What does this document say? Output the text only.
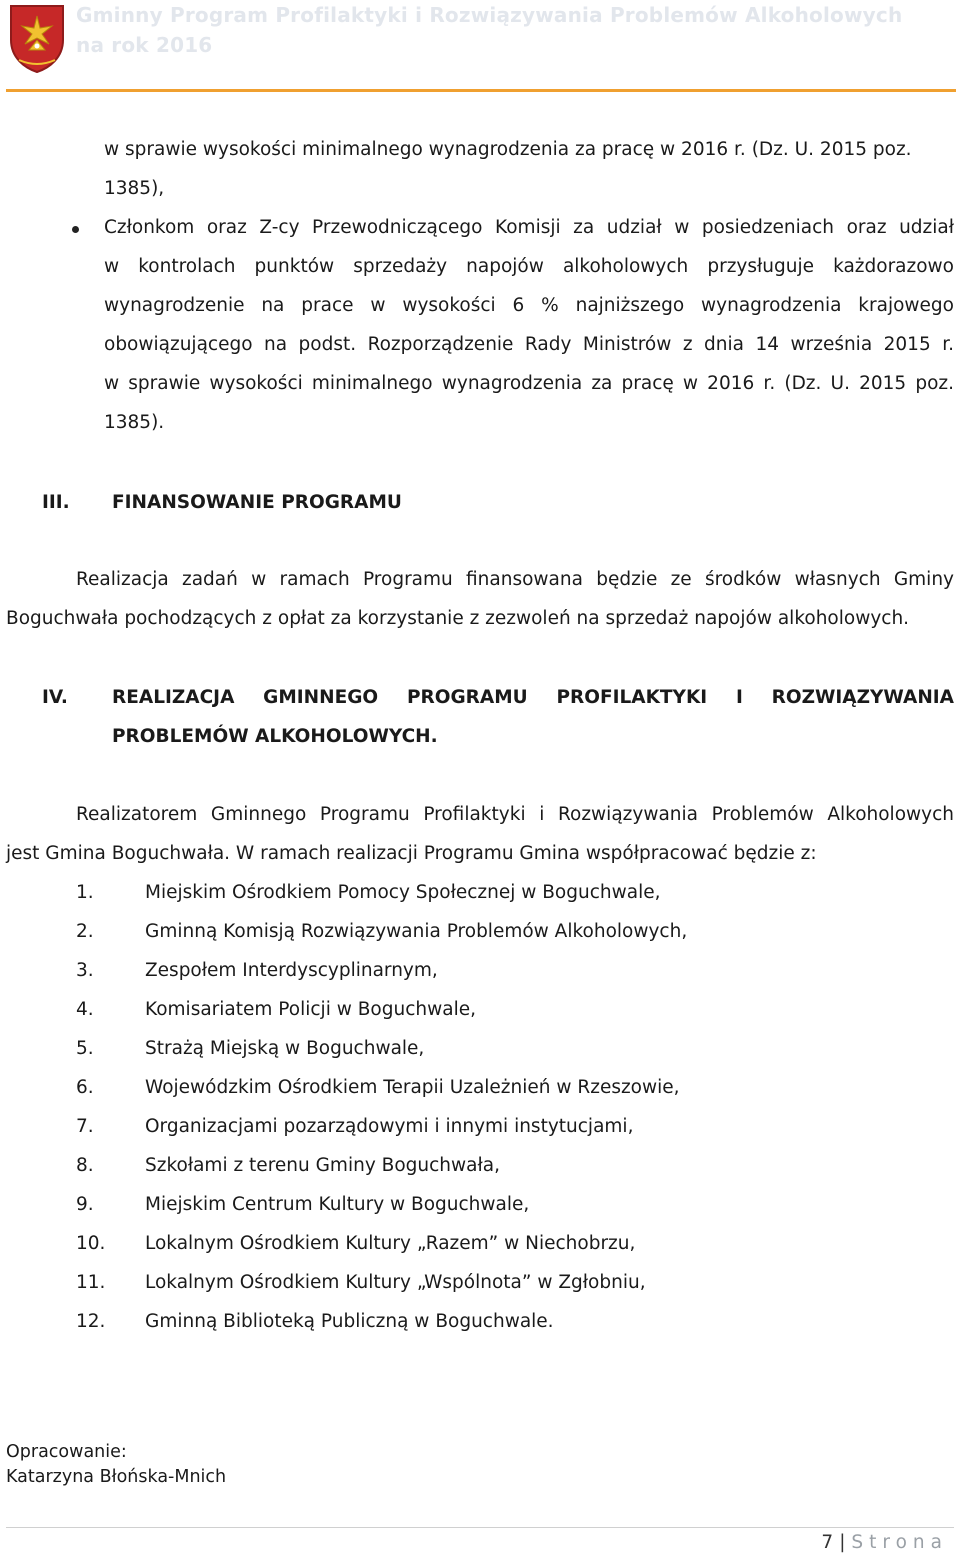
Gminny Program Profilaktyki i Rozwiązywania Problemów Alkoholowych
na rok 2016
w sprawie wysokości minimalnego wynagrodzenia za pracę w 2016 r. (Dz. U. 2015 poz.
1385),
Członkom oraz Z-cy Przewodniczącego Komisji za udział w posiedzeniach oraz udział
w kontrolach punktów sprzedaży napojów alkoholowych przysługuje każdorazowo
wynagrodzenie na prace w wysokości 6 % najniższego wynagrodzenia krajowego
obowiązującego na podst. Rozporządzenie Rady Ministrów z dnia 14 września 2015 r.
w sprawie wysokości minimalnego wynagrodzenia za pracę w 2016 r. (Dz. U. 2015 poz.
1385).
III. FINANSOWANIE PROGRAMU
Realizacja zadań w ramach Programu finansowana będzie ze środków własnych Gminy
Boguchwała pochodzących z opłat za korzystanie z zezwoleń na sprzedaż napojów alkoholowych.
IV. REALIZACJA GMINNEGO PROGRAMU PROFILAKTYKI I ROZWIĄZYWANIA
PROBLEMÓW ALKOHOLOWYCH.
Realizatorem Gminnego Programu Profilaktyki i Rozwiązywania Problemów Alkoholowych
jest Gmina Boguchwała. W ramach realizacji Programu Gmina współpracować będzie z:
1.	Miejskim Ośrodkiem Pomocy Społecznej w Boguchwale,
2.	Gminną Komisją Rozwiązywania Problemów Alkoholowych,
3.	Zespołem Interdyscyplinarnym,
4.	Komisariatem Policji w Boguchwale,
5.	Strażą Miejską w Boguchwale,
6.	Wojewódzkim Ośrodkiem Terapii Uzależnień w Rzeszowie,
7.	Organizacjami pozarządowymi i innymi instytucjami,
8.	Szkołami z terenu Gminy Boguchwała,
9.	Miejskim Centrum Kultury w Boguchwale,
10. Lokalnym Ośrodkiem Kultury „Razem” w Niechobrzu,
11. Lokalnym Ośrodkiem Kultury „Wspólnota” w Zgłobniu,
12. Gminną Biblioteką Publiczną w Boguchwale.
Opracowanie:
Katarzyna Błońska-Mnich
7 | Strona
